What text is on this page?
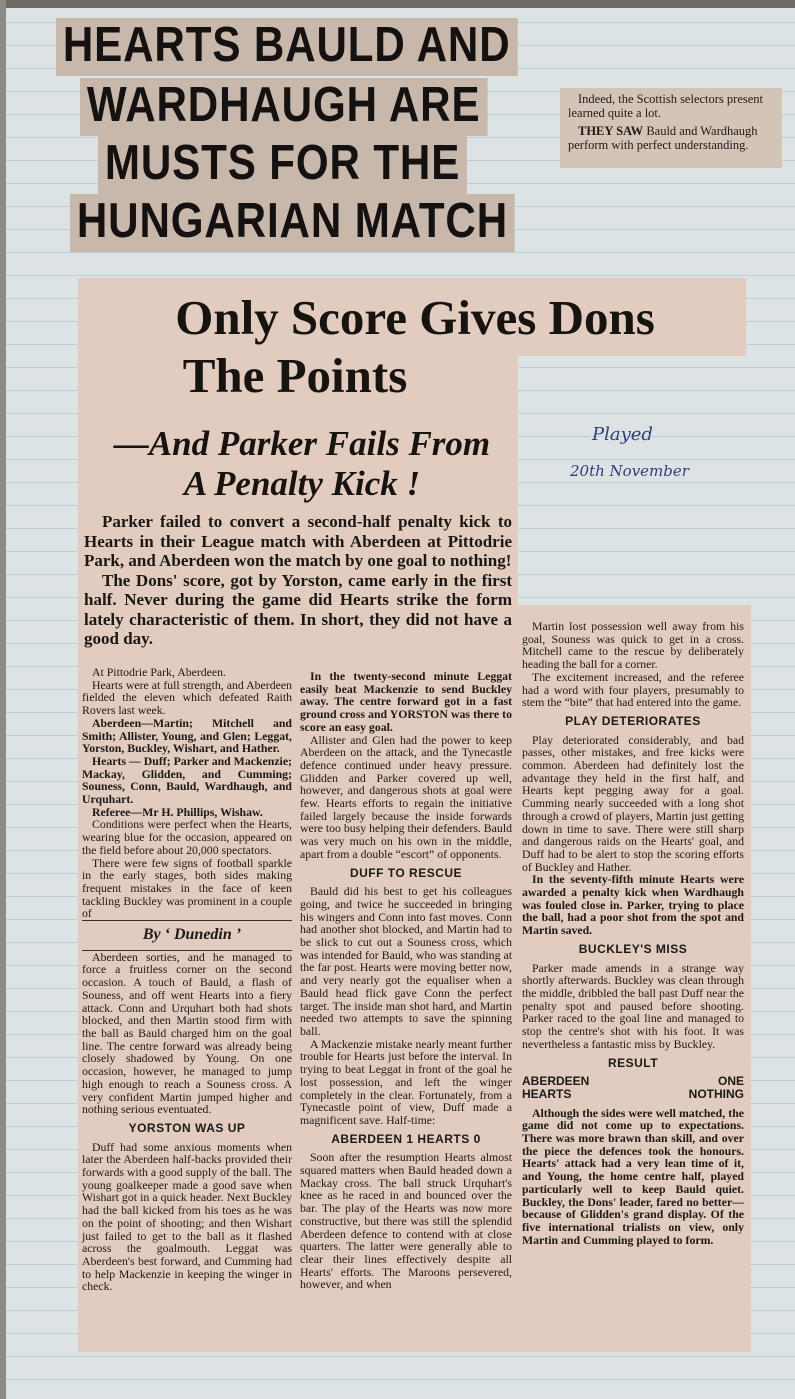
HEARTS BAULD AND
WARDHAUGH ARE
MUSTS FOR THE
HUNGARIAN MATCH

Indeed, the Scottish selectors present learned quite a lot.

THEY SAW Bauld and Wardhaugh perform with perfect understanding.

Only Score Gives Dons
The Points
—And Parker Fails From
A Penalty Kick !
Played
20th November

Parker failed to convert a second-half penalty kick to Hearts in their League match with Aberdeen at Pittodrie Park, and Aberdeen won the match by one goal to nothing!

The Dons' score, got by Yorston, came early in the first half. Never during the game did Hearts strike the form lately characteristic of them. In short, they did not have a good day.

At Pittodrie Park, Aberdeen.

Hearts were at full strength, and Aberdeen fielded the eleven which defeated Raith Rovers last week.

Aberdeen—Martin; Mitchell and Smith; Allister, Young, and Glen; Leggat, Yorston, Buckley, Wishart, and Hather.

Hearts — Duff; Parker and Mackenzie; Mackay, Glidden, and Cumming; Souness, Conn, Bauld, Wardhaugh, and Urquhart.

Referee—Mr H. Phillips, Wishaw.

Conditions were perfect when the Hearts, wearing blue for the occasion, appeared on the field before about 20,000 spectators.

There were few signs of football sparkle in the early stages, both sides making frequent mistakes in the face of keen tackling Buckley was prominent in a couple of

By ‘ Dunedin ’

Aberdeen sorties, and he managed to force a fruitless corner on the second occasion. A touch of Bauld, a flash of Souness, and off went Hearts into a fiery attack. Conn and Urquhart both had shots blocked, and then Martin stood firm with the ball as Bauld charged him on the goal line. The centre forward was already being closely shadowed by Young. On one occasion, however, he managed to jump high enough to reach a Souness cross. A very confident Martin jumped higher and nothing serious eventuated.

YORSTON WAS UP

Duff had some anxious moments when later the Aberdeen half-backs provided their forwards with a good supply of the ball. The young goalkeeper made a good save when Wishart got in a quick header. Next Buckley had the ball kicked from his toes as he was on the point of shooting; and then Wishart just failed to get to the ball as it flashed across the goalmouth. Leggat was Aberdeen's best forward, and Cumming had to help Mackenzie in keeping the winger in check.

In the twenty-second minute Leggat easily beat Mackenzie to send Buckley away. The centre forward got in a fast ground cross and YORSTON was there to score an easy goal.

Allister and Glen had the power to keep Aberdeen on the attack, and the Tynecastle defence continued under heavy pressure. Glidden and Parker covered up well, however, and dangerous shots at goal were few. Hearts efforts to regain the initiative failed largely because the inside forwards were too busy helping their defenders. Bauld was very much on his own in the middle, apart from a double “escort” of opponents.

DUFF TO RESCUE

Bauld did his best to get his colleagues going, and twice he succeeded in bringing his wingers and Conn into fast moves. Conn had another shot blocked, and Martin had to be slick to cut out a Souness cross, which was intended for Bauld, who was standing at the far post. Hearts were moving better now, and very nearly got the equaliser when a Bauld head flick gave Conn the perfect target. The inside man shot hard, and Martin needed two attempts to save the spinning ball.

A Mackenzie mistake nearly meant further trouble for Hearts just before the interval. In trying to beat Leggat in front of the goal he lost possession, and left the winger completely in the clear. Fortunately, from a Tynecastle point of view, Duff made a magnificent save. Half-time:

ABERDEEN 1 HEARTS 0

Soon after the resumption Hearts almost squared matters when Bauld headed down a Mackay cross. The ball struck Urquhart's knee as he raced in and bounced over the bar. The play of the Hearts was now more constructive, but there was still the splendid Aberdeen defence to contend with at close quarters. The latter were generally able to clear their lines effectively despite all Hearts' efforts. The Maroons persevered, however, and when

Martin lost possession well away from his goal, Souness was quick to get in a cross. Mitchell came to the rescue by deliberately heading the ball for a corner.

The excitement increased, and the referee had a word with four players, presumably to stem the “bite” that had entered into the game.

PLAY DETERIORATES

Play deteriorated considerably, and bad passes, other mistakes, and free kicks were common. Aberdeen had definitely lost the advantage they held in the first half, and Hearts kept pegging away for a goal. Cumming nearly succeeded with a long shot through a crowd of players, Martin just getting down in time to save. There were still sharp and dangerous raids on the Hearts' goal, and Duff had to be alert to stop the scoring efforts of Buckley and Hather.

In the seventy-fifth minute Hearts were awarded a penalty kick when Wardhaugh was fouled close in. Parker, trying to place the ball, had a poor shot from the spot and Martin saved.

BUCKLEY'S MISS

Parker made amends in a strange way shortly afterwards. Buckley was clean through the middle, dribbled the ball past Duff near the penalty spot and paused before shooting. Parker raced to the goal line and managed to stop the centre's shot with his foot. It was nevertheless a fantastic miss by Buckley.

RESULT

ABERDEEN	ONE
HEARTS	NOTHING

Although the sides were well matched, the game did not come up to expectations. There was more brawn than skill, and over the piece the defences took the honours. Hearts' attack had a very lean time of it, and Young, the home centre half, played particularly well to keep Bauld quiet. Buckley, the Dons' leader, fared no better—because of Glidden's grand display. Of the five international trialists on view, only Martin and Cumming played to form.
